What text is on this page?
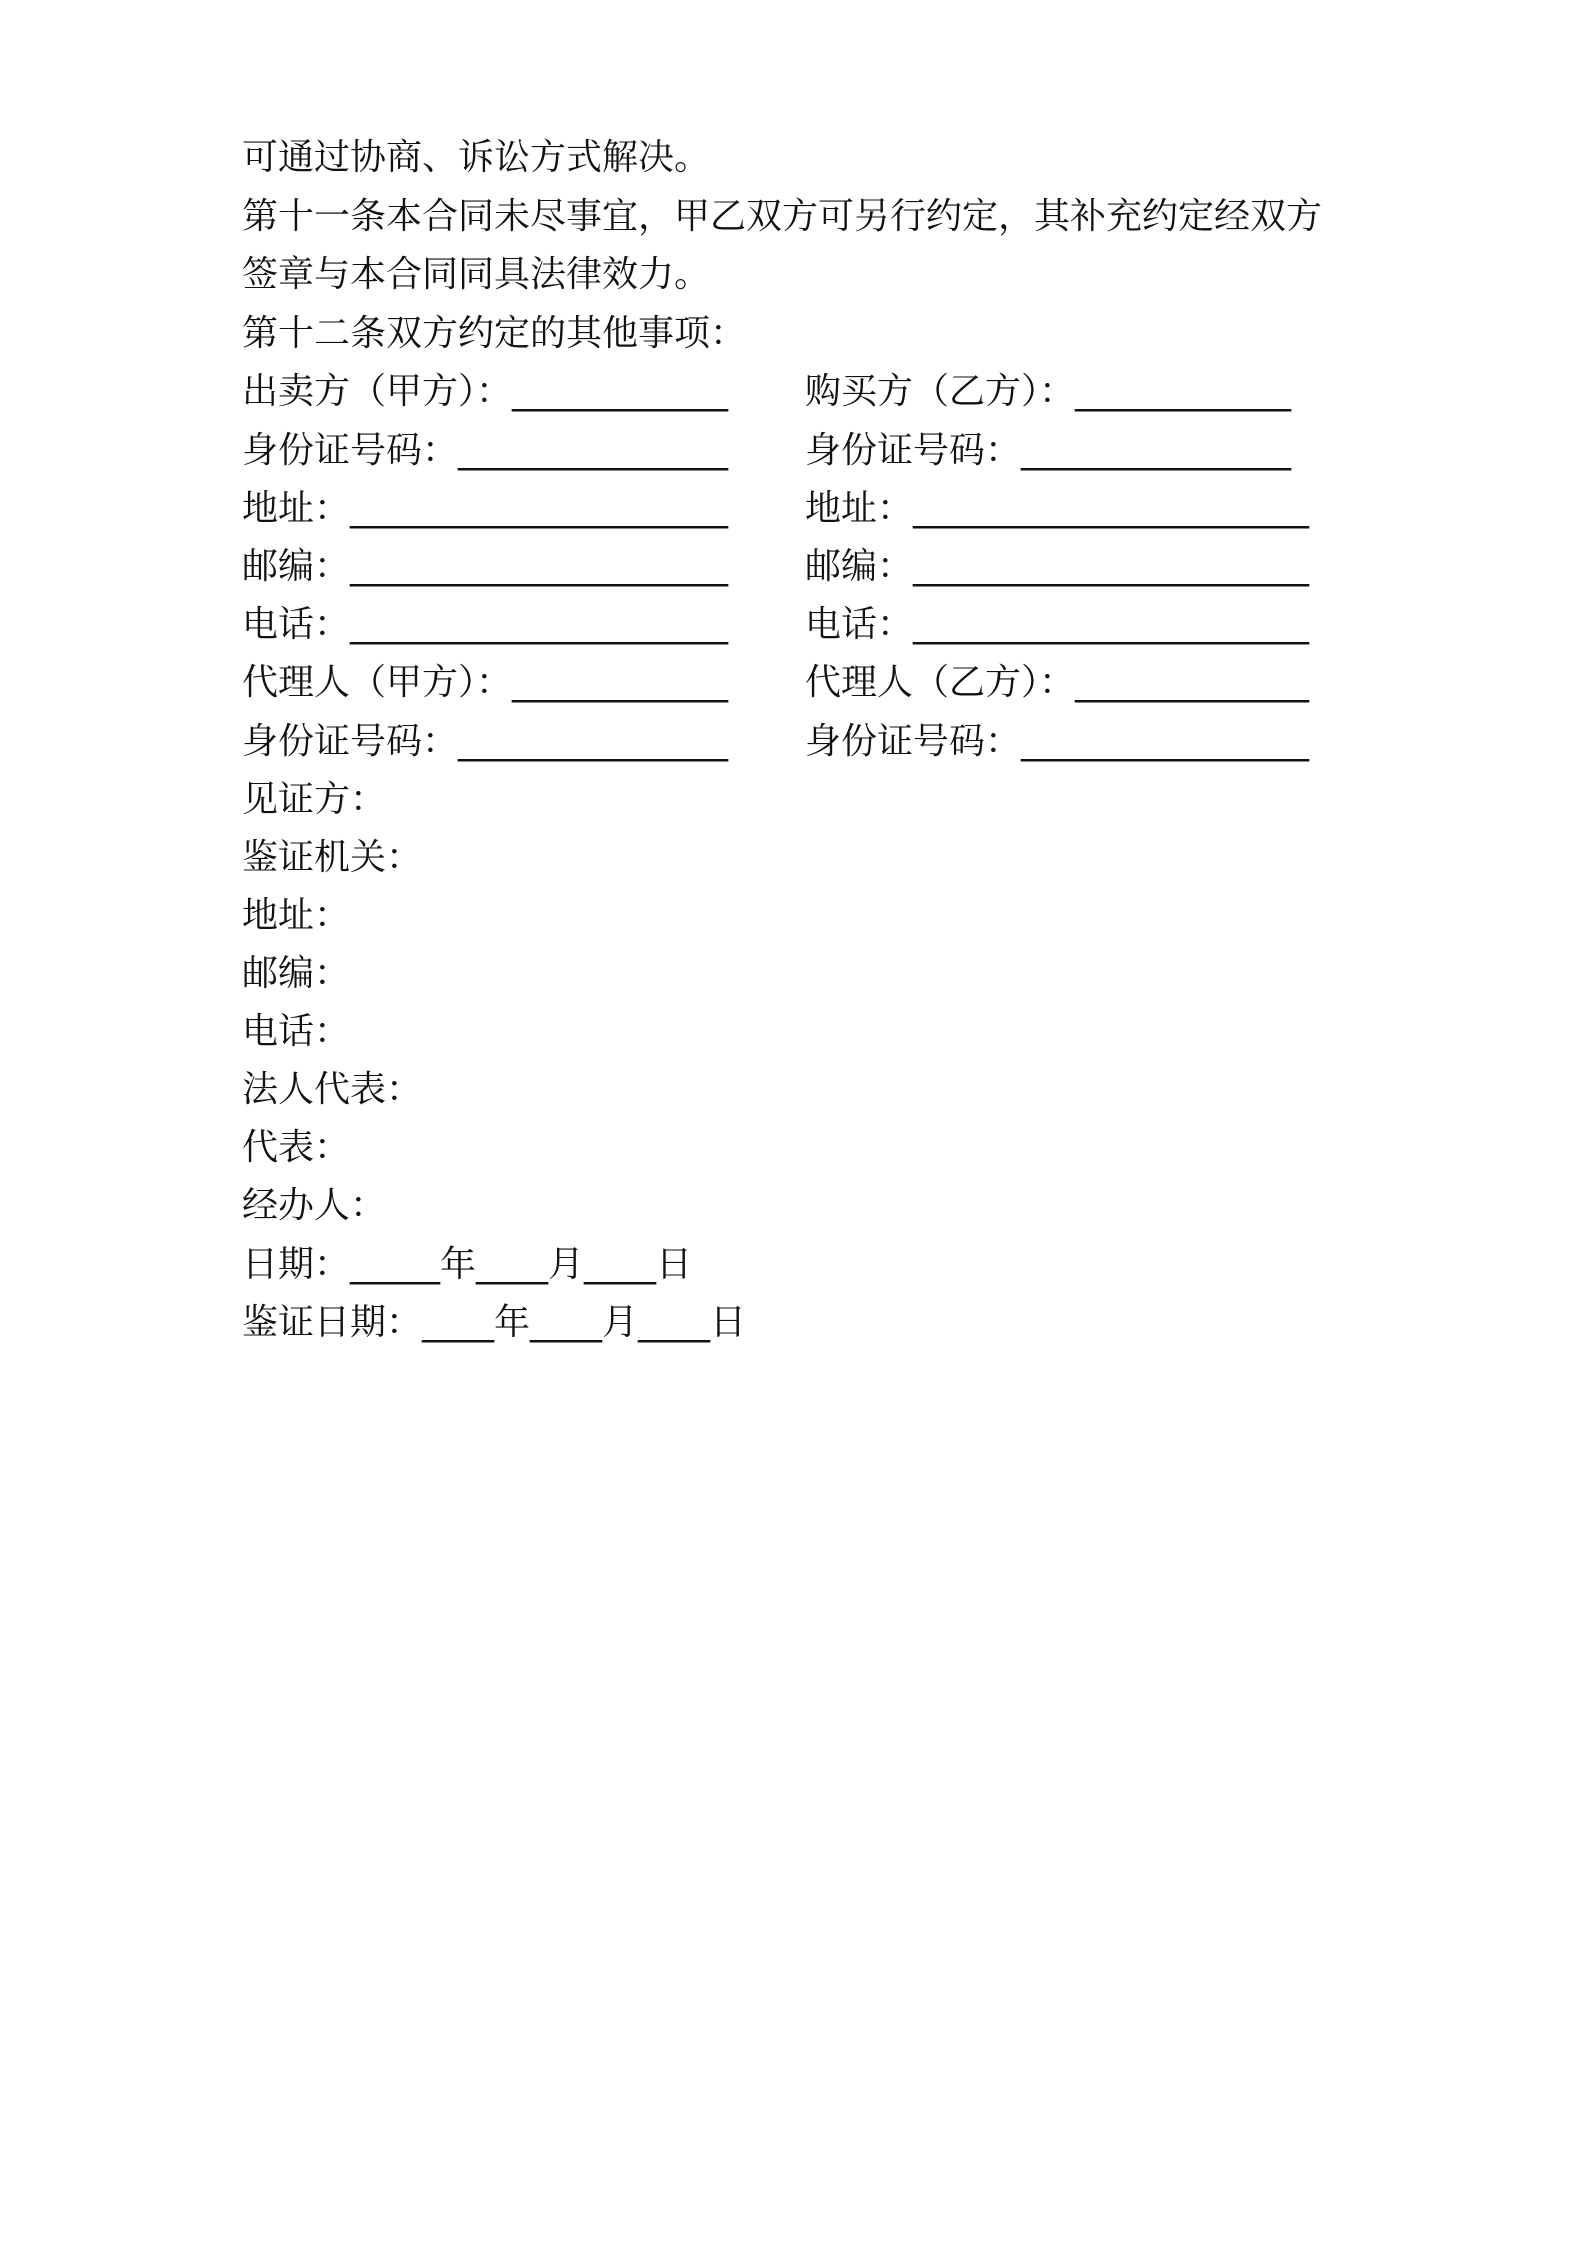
可通过协商、诉讼方式解决。
第十一条本合同未尽事宜，甲乙双方可另行约定，其补充约定经双方
签章与本合同同具法律效力。
第十二条双方约定的其他事项：
出卖方（甲方）：____________ 购买方（乙方）：____________
身份证号码：_______________ 身份证号码：_______________
地址：_____________________ 地址：______________________
邮编：_____________________ 邮编：______________________
电话：_____________________ 电话：______________________
代理人（甲方）：____________ 代理人（乙方）：_____________
身份证号码：_______________ 身份证号码：________________
见证方：
鉴证机关：
地址：
邮编：
电话：
法人代表：
代表：
经办人：
日期：_____年____月____日
鉴证日期：____年____月____日
